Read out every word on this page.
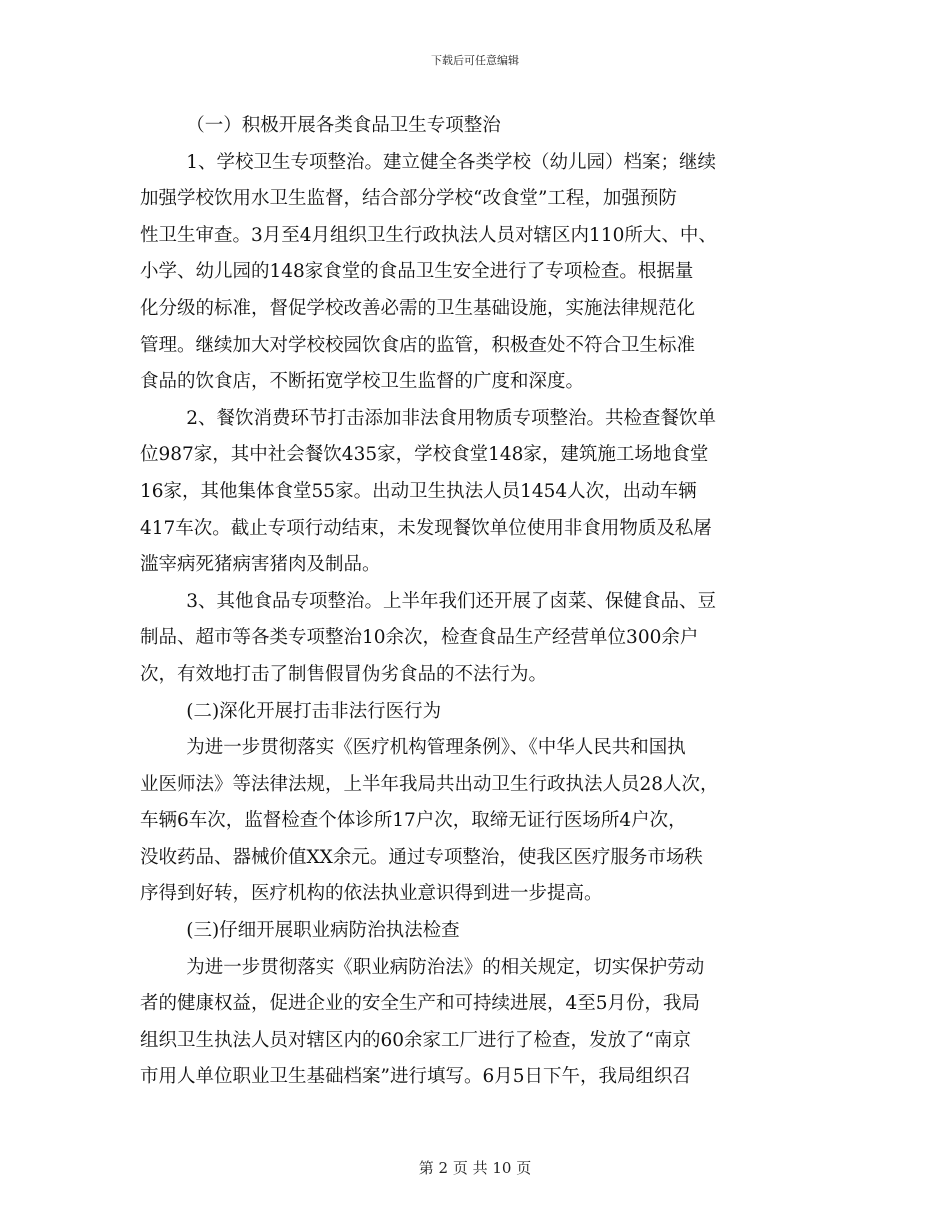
下载后可任意编辑
（一）积极开展各类食品卫生专项整治
1、学校卫生专项整治。建立健全各类学校（幼儿园）档案；继续
加强学校饮用水卫生监督，结合部分学校“改食堂”工程，加强预防
性卫生审查。3月至4月组织卫生行政执法人员对辖区内110所大、中、
小学、幼儿园的148家食堂的食品卫生安全进行了专项检查。根据量
化分级的标准，督促学校改善必需的卫生基础设施，实施法律规范化
管理。继续加大对学校校园饮食店的监管，积极查处不符合卫生标准
食品的饮食店，不断拓宽学校卫生监督的广度和深度。
2、餐饮消费环节打击添加非法食用物质专项整治。共检查餐饮单
位987家，其中社会餐饮435家，学校食堂148家，建筑施工场地食堂
16家，其他集体食堂55家。出动卫生执法人员1454人次，出动车辆
417车次。截止专项行动结束，未发现餐饮单位使用非食用物质及私屠
滥宰病死猪病害猪肉及制品。
3、其他食品专项整治。上半年我们还开展了卤菜、保健食品、豆
制品、超市等各类专项整治10余次，检查食品生产经营单位300余户
次，有效地打击了制售假冒伪劣食品的不法行为。
(二)深化开展打击非法行医行为
为进一步贯彻落实《医疗机构管理条例》、《中华人民共和国执
业医师法》等法律法规，上半年我局共出动卫生行政执法人员28人次，
车辆6车次，监督检查个体诊所17户次，取缔无证行医场所4户次，
没收药品、器械价值XX余元。通过专项整治，使我区医疗服务市场秩
序得到好转，医疗机构的依法执业意识得到进一步提高。
(三)仔细开展职业病防治执法检查
为进一步贯彻落实《职业病防治法》的相关规定，切实保护劳动
者的健康权益，促进企业的安全生产和可持续进展，4至5月份，我局
组织卫生执法人员对辖区内的60余家工厂进行了检查，发放了“南京
市用人单位职业卫生基础档案”进行填写。6月5日下午，我局组织召
第 2 页 共 10 页
